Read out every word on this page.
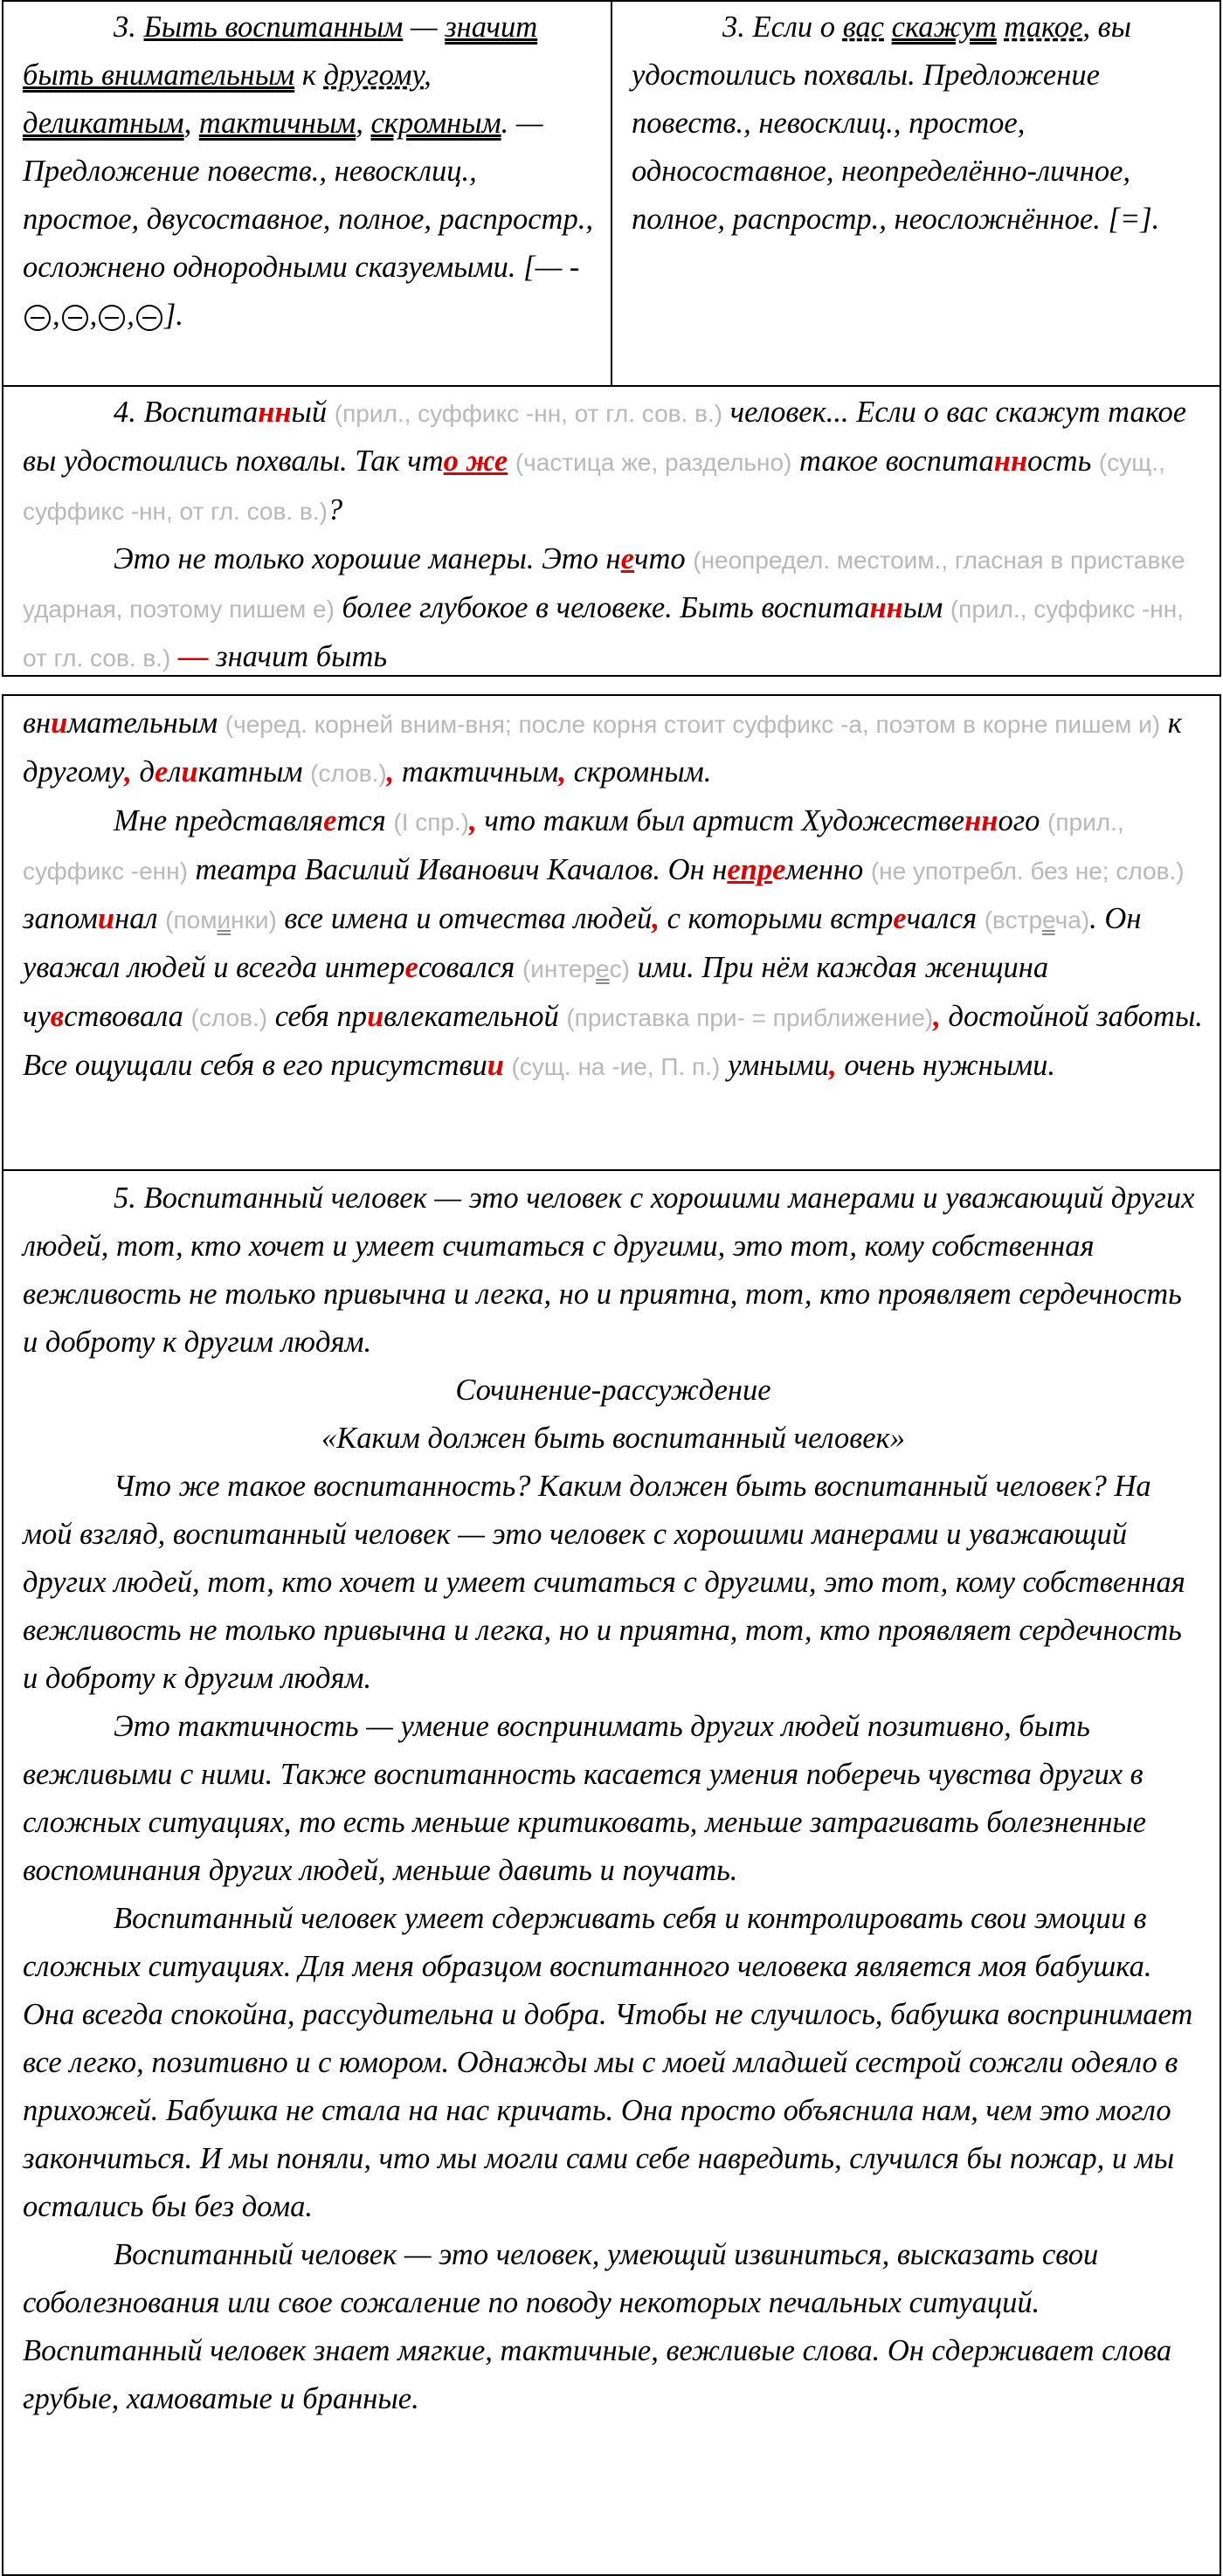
3. Быть воспитанным — значит быть внимательным к другому, деликатным, тактичным, скромным. — Предложение повеств., невосклиц., простое, двусоставное, полное, распростр., осложнено однородными сказуемыми. [— -, , , ].

3. Если о вас скажут такое, вы удостоились похвалы. Предложение повеств., невосклиц., простое, односоставное, неопределённо-личное, полное, распростр., неосложнённое. [=].

4. Воспитанный (прил., суффикс -нн, от гл. сов. в.) человек... Если о вас скажут такое вы удостоились похвалы. Так что же (частица же, раздельно) такое воспитанность (сущ., суффикс -нн, от гл. сов. в.)?

Это не только хорошие манеры. Это нечто (неопредел. местоим., гласная в приставке ударная, поэтому пишем е) более глубокое в человеке. Быть воспитанным (прил., суффикс -нн, от гл. сов. в.) — значит быть

внимательным (черед. корней вним-вня; после корня стоит суффикс -а, поэтом в корне пишем и) к другому, деликатным (слов.), тактичным, скромным.

Мне представляется (I спр.), что таким был артист Художественного (прил., суффикс -енн) театра Василий Иванович Качалов. Он непременно (не употребл. без не; слов.) запоминал (поминки) все имена и отчества людей, с которыми встречался (встреча). Он уважал людей и всегда интересовался (интерес) ими. При нём каждая женщина чувствовала (слов.) себя привлекательной (приставка при- = приближение), достойной заботы. Все ощущали себя в его присутствии (сущ. на -ие, П. п.) умными, очень нужными.

5. Воспитанный человек — это человек с хорошими манерами и уважающий других людей, тот, кто хочет и умеет считаться с другими, это тот, кому собственная вежливость не только привычна и легка, но и приятна, тот, кто проявляет сердечность и доброту к другим людям.

Сочинение-рассуждение

«Каким должен быть воспитанный человек»

Что же такое воспитанность? Каким должен быть воспитанный человек? На мой взгляд, воспитанный человек — это человек с хорошими манерами и уважающий других людей, тот, кто хочет и умеет считаться с другими, это тот, кому собственная вежливость не только привычна и легка, но и приятна, тот, кто проявляет сердечность и доброту к другим людям.

Это тактичность — умение воспринимать других людей позитивно, быть вежливыми с ними. Также воспитанность касается умения поберечь чувства других в сложных ситуациях, то есть меньше критиковать, меньше затрагивать болезненные воспоминания других людей, меньше давить и поучать.

Воспитанный человек умеет сдерживать себя и контролировать свои эмоции в сложных ситуациях. Для меня образцом воспитанного человека является моя бабушка. Она всегда спокойна, рассудительна и добра. Чтобы не случилось, бабушка воспринимает все легко, позитивно и с юмором. Однажды мы с моей младшей сестрой сожгли одеяло в прихожей. Бабушка не стала на нас кричать. Она просто объяснила нам, чем это могло закончиться. И мы поняли, что мы могли сами себе навредить, случился бы пожар, и мы остались бы без дома.

Воспитанный человек — это человек, умеющий извиниться, высказать свои соболезнования или свое сожаление по поводу некоторых печальных ситуаций. Воспитанный человек знает мягкие, тактичные, вежливые слова. Он сдерживает слова грубые, хамоватые и бранные.
